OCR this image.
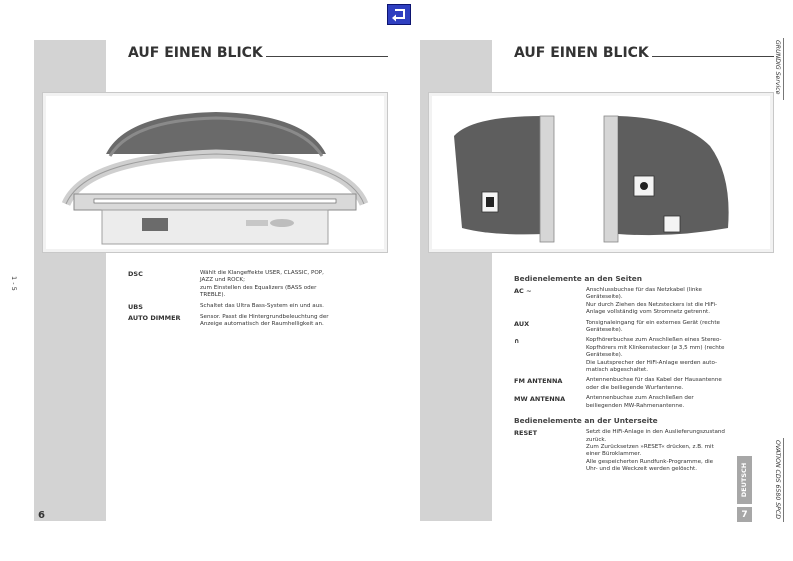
1 - 5
6
AUF EINEN BLICK
DSC	Wählt die Klangeffekte USER, CLASSIC, POP,
JAZZ und ROCK;
zum Einstellen des Equalizers (BASS oder
TREBLE).
UBS	Schaltet das Ultra Bass-System ein und aus.
AUTO DIMMER	Sensor. Passt die Hintergrundbeleuchtung der
Anzeige automatisch der Raumhelligkeit an.
AUF EINEN BLICK
Bedienelemente an den Seiten
AC ~	Anschlussbuchse für das Netzkabel (linke
Geräteseite).
Nur durch Ziehen des Netzsteckers ist die HiFi-
Anlage vollständig vom Stromnetz getrennt.
AUX	Tonsignaleingang für ein externes Gerät (rechte
Geräteseite).
∩	Kopfhörerbuchse zum Anschließen eines Stereo-
Kopfhörers mit Klinkenstecker (ø 3,5 mm) (rechte
Geräteseite).
Die Lautsprecher der HiFi-Anlage werden auto-
matisch abgeschaltet.
FM ANTENNA	Antennenbuchse für das Kabel der Hausantenne
oder die beiliegende Wurfantenne.
MW ANTENNA	Antennenbuchse zum Anschließen der
beiliegenden MW-Rahmenantenne.
Bedienelemente an der Unterseite
RESET	Setzt die HiFi-Anlage in den Auslieferungszustand
zurück.
Zum Zurücksetzen »RESET« drücken, z.B. mit
einer Büroklammer.
Alle gespeicherten Rundfunk-Programme, die
Uhr- und die Weckzeit werden gelöscht.	DEUTSCH
7
GRUNDIG Service
OVATION CDS 6580 SPCD
